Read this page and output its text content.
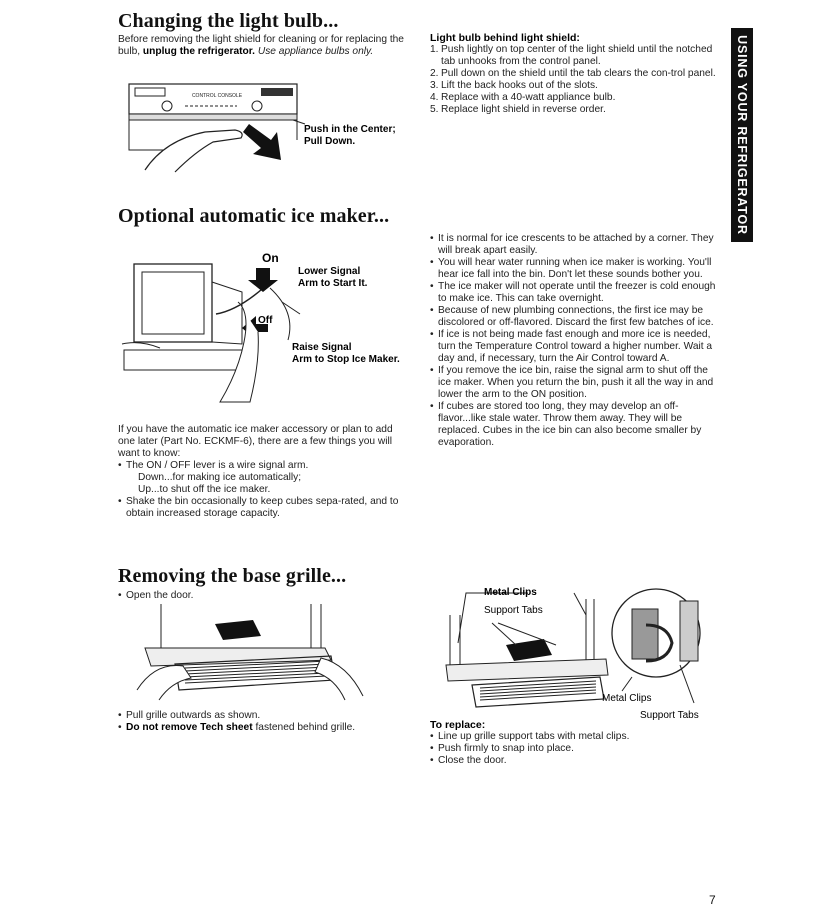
USING YOUR REFRIGERATOR
Changing the light bulb...
Before removing the light shield for cleaning or for replacing the bulb, unplug the refrigerator. Use appliance bulbs only.
CONTROL CONSOLE
Push in the Center;
Pull Down.

Light bulb behind light shield:

1. Push lightly on top center of the light shield until the notched tab unhooks from the control panel.
2. Pull down on the shield until the tab clears the con-trol panel.
3. Lift the back hooks out of the slots.
4. Replace with a 40-watt appliance bulb.
5. Replace light shield in reverse order.
Optional automatic ice maker...
On
Off
Lower Signal
Arm to Start It.
Raise Signal
Arm to Stop Ice Maker.

If you have the automatic ice maker accessory or plan to add one later (Part No. ECKMF-6), there are a few things you will want to know:

• The ON / OFF lever is a wire signal arm.

Down...for making ice automatically;

Up...to shut off the ice maker.

• Shake the bin occasionally to keep cubes sepa-rated, and to obtain increased storage capacity.

• It is normal for ice crescents to be attached by a corner. They will break apart easily.

• You will hear water running when ice maker is working. You'll hear ice fall into the bin. Don't let these sounds bother you.

• The ice maker will not operate until the freezer is cold enough to make ice. This can take overnight.

• Because of new plumbing connections, the first ice may be discolored or off-flavored. Discard the first few batches of ice.

• If ice is not being made fast enough and more ice is needed, turn the Temperature Control toward a higher number. Wait a day and, if necessary, turn the Air Control toward A.

• If you remove the ice bin, raise the signal arm to shut off the ice maker. When you return the bin, push it all the way in and lower the arm to the ON position.

• If cubes are stored too long, they may develop an off-flavor...like stale water. Throw them away. They will be replaced. Cubes in the ice bin can also become smaller by evaporation.

Removing the base grille...

• Open the door.

• Pull grille outwards as shown.

• Do not remove Tech sheet fastened behind grille.

Metal Clips
Support Tabs
Metal Clips
Support Tabs

To replace:

• Line up grille support tabs with metal clips.

• Push firmly to snap into place.

• Close the door.

7
